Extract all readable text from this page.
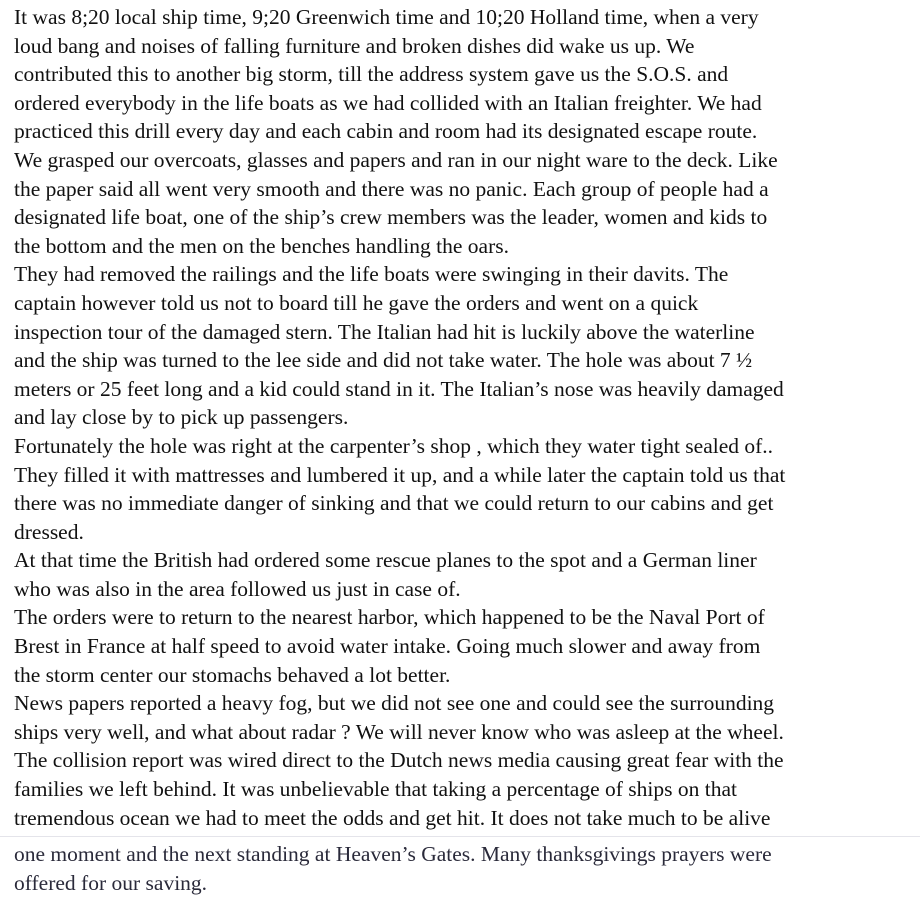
It was 8;20 local ship time, 9;20 Greenwich time and 10;20 Holland time, when a very
loud bang and noises of falling furniture and broken dishes did wake us up. We
contributed this to another big storm, till the address system gave us the S.O.S. and
ordered everybody in the life boats as we had collided with an Italian freighter. We had
practiced this drill every day and each cabin and room had its designated escape route.
We grasped our overcoats, glasses and papers and ran in our night ware to the deck. Like
the paper said all went very smooth and there was no panic. Each group of people had a
designated life boat, one of the ship’s crew members was the leader, women and kids to
the bottom and the men on the benches handling the oars.
They had removed the railings and the life boats were swinging in their davits. The
captain however told us not to board till he gave the orders and went on a quick
inspection tour of the damaged stern. The Italian had hit is luckily above the waterline
and the ship was turned to the lee side and did not take water. The hole was about 7 ½
meters or 25 feet long and a kid could stand in it. The Italian’s nose was heavily damaged
and lay close by to pick up passengers.
Fortunately the hole was right at the carpenter’s shop , which they water tight sealed of..
They filled it with mattresses and lumbered it up, and a while later the captain told us that
there was no immediate danger of sinking and that we could return to our cabins and get
dressed.
At that time the British had ordered some rescue planes to the spot and a German liner
who was also in the area followed us just in case of.
The orders were to return to the nearest harbor, which happened to be the Naval Port of
Brest in France at half speed to avoid water intake. Going much slower and away from
the storm center our stomachs behaved a lot better.
News papers reported a heavy fog, but we did not see one and could see the surrounding
ships very well, and what about radar ? We will never know who was asleep at the wheel.
The collision report was wired direct to the Dutch news media causing great fear with the
families we left behind. It was unbelievable that taking a percentage of ships on that
tremendous ocean we had to meet the odds and get hit. It does not take much to be alive
one moment and the next standing at Heaven’s Gates. Many thanksgivings prayers were
offered for our saving.
